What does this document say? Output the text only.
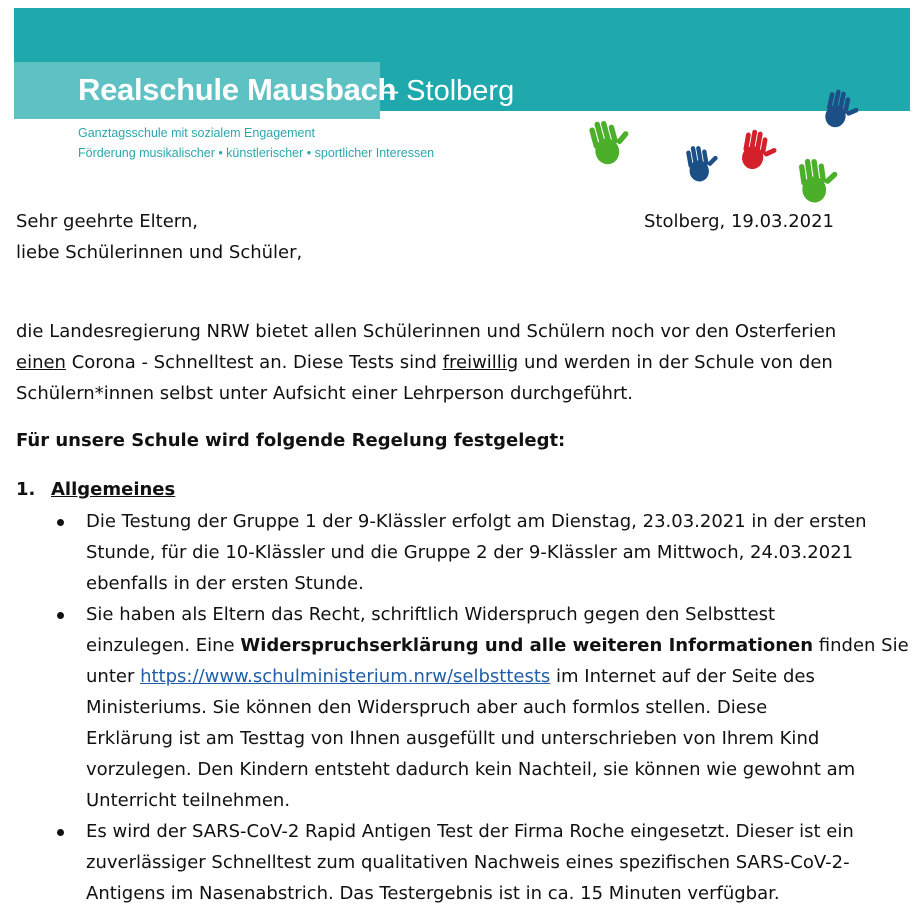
Realschule Mausbach
– Stolberg
Ganztagsschule mit sozialem Engagement
Förderung musikalischer • künstlerischer • sportlicher Interessen
Sehr geehrte Eltern,
liebe Schülerinnen und Schüler,
Stolberg, 19.03.2021
die Landesregierung NRW bietet allen Schülerinnen und Schülern noch vor den Osterferien
einen Corona - Schnelltest an. Diese Tests sind freiwillig und werden in der Schule von den
Schülern*innen selbst unter Aufsicht einer Lehrperson durchgeführt.
Für unsere Schule wird folgende Regelung festgelegt:
1. Allgemeines
Die Testung der Gruppe 1 der 9-Klässler erfolgt am Dienstag, 23.03.2021 in der ersten
Stunde, für die 10-Klässler und die Gruppe 2 der 9-Klässler am Mittwoch, 24.03.2021
ebenfalls in der ersten Stunde.
Sie haben als Eltern das Recht, schriftlich Widerspruch gegen den Selbsttest
einzulegen. Eine Widerspruchserklärung und alle weiteren Informationen finden Sie
unter https://www.schulministerium.nrw/selbsttests im Internet auf der Seite des
Ministeriums. Sie können den Widerspruch aber auch formlos stellen. Diese
Erklärung ist am Testtag von Ihnen ausgefüllt und unterschrieben von Ihrem Kind
vorzulegen. Den Kindern entsteht dadurch kein Nachteil, sie können wie gewohnt am
Unterricht teilnehmen.
Es wird der SARS-CoV-2 Rapid Antigen Test der Firma Roche eingesetzt. Dieser ist ein
zuverlässiger Schnelltest zum qualitativen Nachweis eines spezifischen SARS-CoV-2-
Antigens im Nasenabstrich. Das Testergebnis ist in ca. 15 Minuten verfügbar.
